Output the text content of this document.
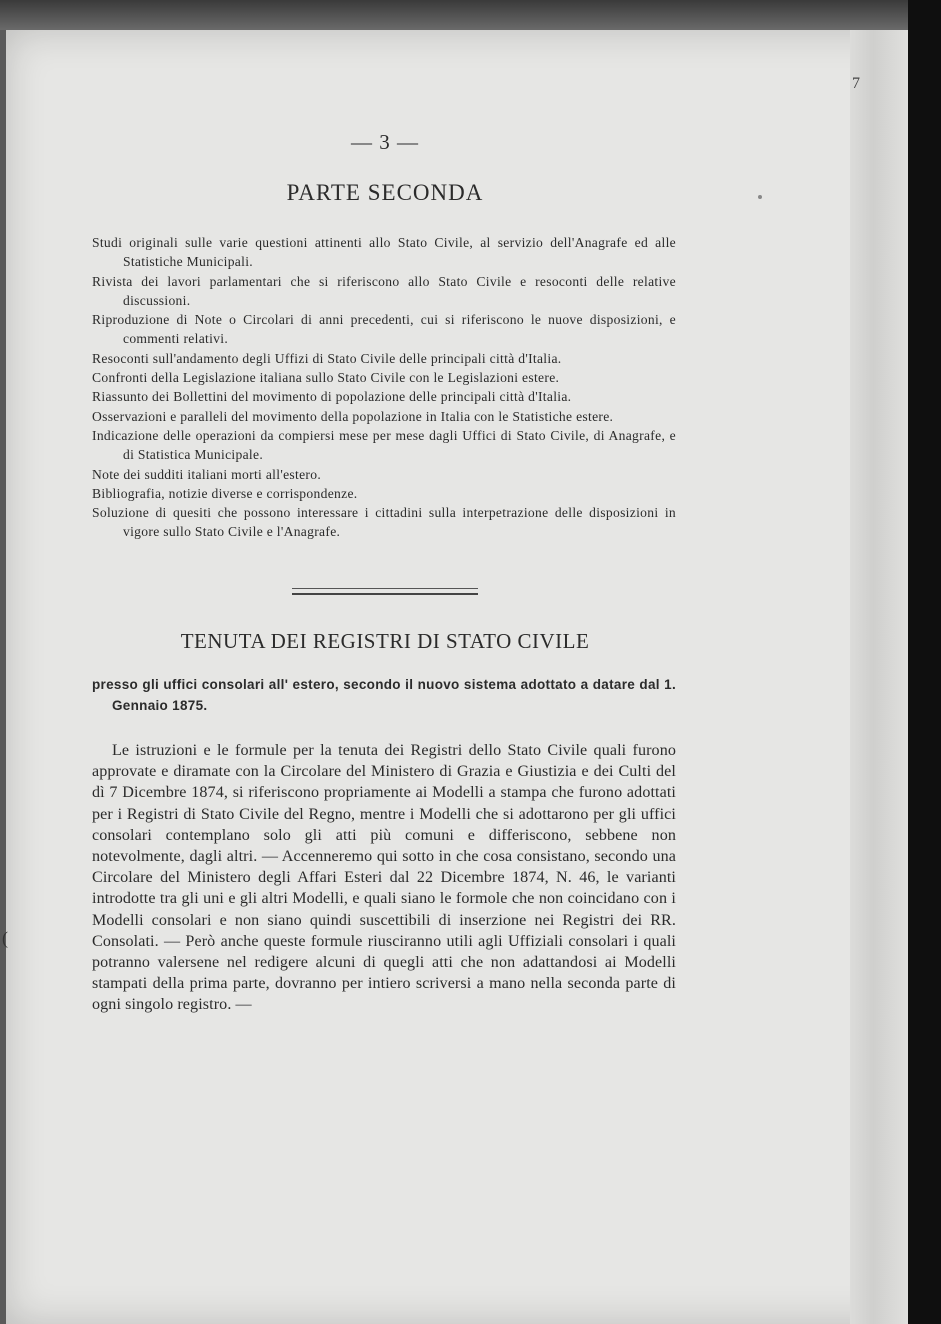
7
(
— 3 —
PARTE SECONDA
Studi originali sulle varie questioni attinenti allo Stato Civile, al servizio dell'Anagrafe ed alle Statistiche Municipali.
Rivista dei lavori parlamentari che si riferiscono allo Stato Civile e resoconti delle relative discussioni.
Riproduzione di Note o Circolari di anni precedenti, cui si riferiscono le nuove disposizioni, e commenti relativi.
Resoconti sull'andamento degli Uffizi di Stato Civile delle principali città d'Italia.
Confronti della Legislazione italiana sullo Stato Civile con le Legislazioni estere.
Riassunto dei Bollettini del movimento di popolazione delle principali città d'Italia.
Osservazioni e paralleli del movimento della popolazione in Italia con le Statistiche estere.
Indicazione delle operazioni da compiersi mese per mese dagli Uffici di Stato Civile, di Anagrafe, e di Statistica Municipale.
Note dei sudditi italiani morti all'estero.
Bibliografia, notizie diverse e corrispondenze.
Soluzione di quesiti che possono interessare i cittadini sulla interpetrazione delle disposizioni in vigore sullo Stato Civile e l'Anagrafe.
TENUTA DEI REGISTRI DI STATO CIVILE
presso gli uffici consolari all' estero, secondo il nuovo sistema adottato a datare dal 1. Gennaio 1875.
Le istruzioni e le formule per la tenuta dei Registri dello Stato Civile quali furono approvate e diramate con la Circolare del Ministero di Grazia e Giustizia e dei Culti del dì 7 Dicembre 1874, si riferiscono propriamente ai Modelli a stampa che furono adottati per i Registri di Stato Civile del Regno, mentre i Modelli che si adottarono per gli uffici consolari contemplano solo gli atti più comuni e differiscono, sebbene non notevolmente, dagli altri. — Accenneremo qui sotto in che cosa consistano, secondo una Circolare del Ministero degli Affari Esteri dal 22 Dicembre 1874, N. 46, le varianti introdotte tra gli uni e gli altri Modelli, e quali siano le formole che non coincidano con i Modelli consolari e non siano quindi suscettibili di inserzione nei Registri dei RR. Consolati. — Però anche queste formule riusciranno utili agli Uffiziali consolari i quali potranno valersene nel redigere alcuni di quegli atti che non adattandosi ai Modelli stampati della prima parte, dovranno per intiero scriversi a mano nella seconda parte di ogni singolo registro. —
